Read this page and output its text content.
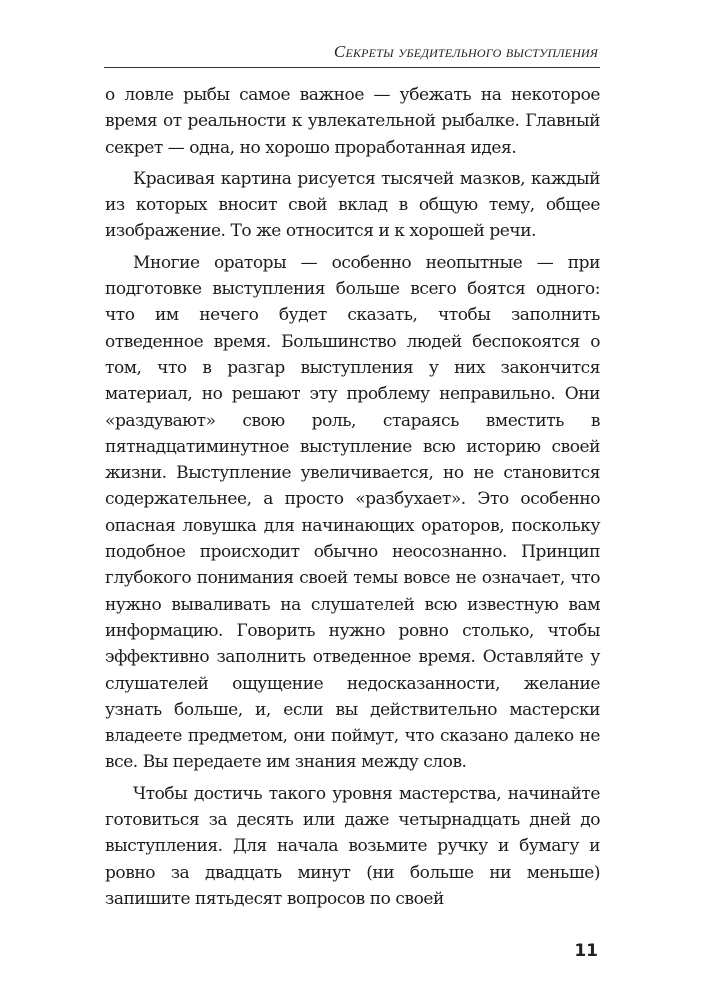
Секреты убедительного выступления

о ловле рыбы самое важное — убежать на некоторое время от реальности к увлекательной рыбалке. Главный секрет — одна, но хорошо проработанная идея.

Красивая картина рисуется тысячей мазков, каждый из которых вносит свой вклад в общую тему, общее изображение. То же относится и к хорошей речи.

Многие ораторы — особенно неопытные — при подготовке выступления больше всего боятся одного: что им нечего будет сказать, чтобы заполнить отведенное время. Большинство людей беспокоятся о том, что в разгар выступления у них закончится материал, но решают эту проблему неправильно. Они «раздувают» свою роль, стараясь вместить в пятнадцатиминутное выступление всю историю своей жизни. Выступление увеличивается, но не становится содержательнее, а просто «разбухает». Это особенно опасная ловушка для начинающих ораторов, поскольку подобное происходит обычно неосознанно. Принцип глубокого понимания своей темы вовсе не означает, что нужно вываливать на слушателей всю известную вам информацию. Говорить нужно ровно столько, чтобы эффективно заполнить отведенное время. Оставляйте у слушателей ощущение недосказанности, желание узнать больше, и, если вы действительно мастерски владеете предметом, они поймут, что сказано далеко не все. Вы передаете им знания между слов.

Чтобы достичь такого уровня мастерства, начинайте готовиться за десять или даже четырнадцать дней до выступления. Для начала возьмите ручку и бумагу и ровно за двадцать минут (ни больше ни меньше) запишите пятьдесят вопросов по своей

11
